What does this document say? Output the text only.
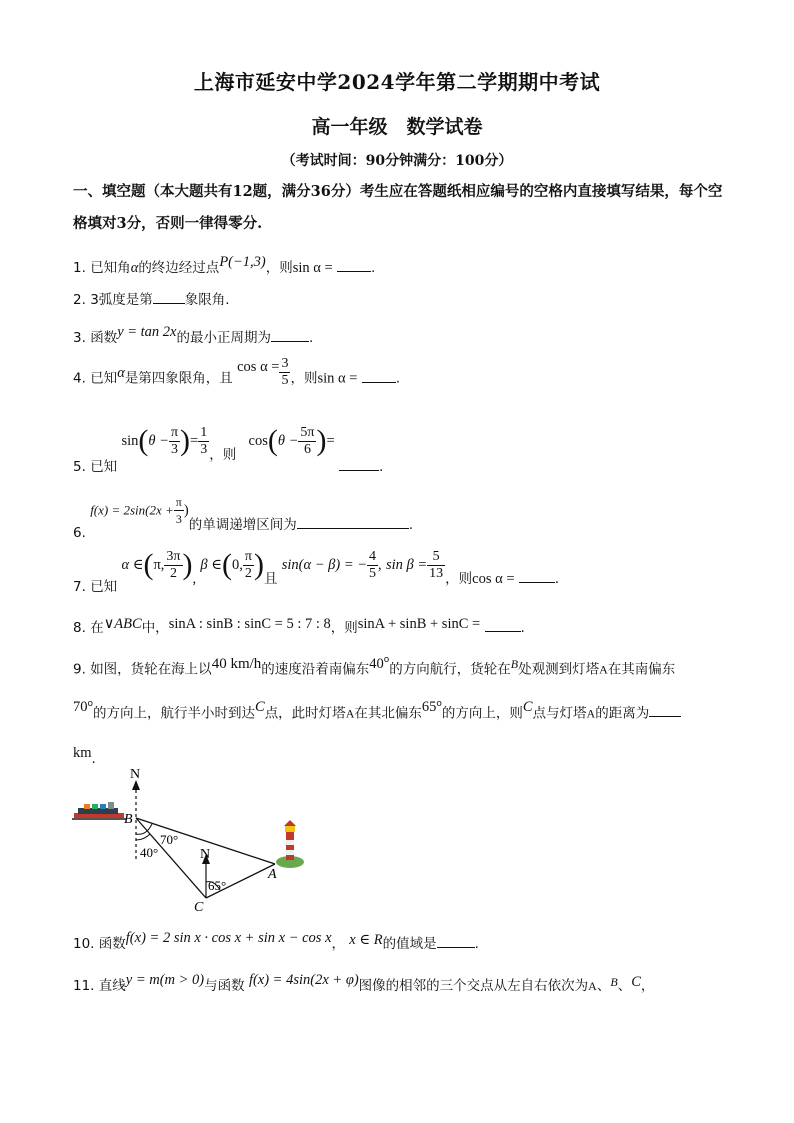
上海市延安中学2024学年第二学期期中考试
高一年级　数学试卷
（考试时间：90分钟满分：100分）
一、填空题（本大题共有12题，满分36分）考生应在答题纸相应编号的空格内直接填写结果，每个空格填对3分，否则一律得零分.
1. 已知角α的终边经过点P(−1,3)，则sin α =	.
2. 3弧度是第 象限角.
3. 函数y = tan 2x的最小正周期为	.
4. 已知α是第四象限角，且 $\cos \alpha = \frac{3}{5}$ ，则sin α =	.
5. 已知 $\sin(\theta - \frac{\pi}{3}$ )= $\frac{1}{3}$ ，则 $\cos(\theta - \frac{5\pi}{6}$ )= .
6. $f(x) = 2\sin(2x + \frac{\pi}{3}$ )的单调递增区间为	.
7. 已知 α ∈(π, $\frac{3\pi}{2}$ ), β ∈(0, $\frac{\pi}{2}$ )且 sin(α − β) = − $\frac{4}{5}$ , $\sin \beta = \frac{5}{13}$ ，则cos α =	.
8. 在∨ABC中，sinA : sinB : sinC = 5 : 7 : 8，则sinA + sinB + sinC =	.
9. 如图，货轮在海上以40 km/h的速度沿着南偏东40$^o$的方向航行，货轮在B处观测到灯塔A在其南偏东
70$^o$的方向上，航行半小时到达C点，此时灯塔A在其北偏东65$^o$的方向上，则C点与灯塔A的距离为
km.
N
N
B
A
C
70°
40°
65°
10. 函数f(x) = 2 sin x · cos x + sin x − cos x， x ∈ R的值域是	.
11. 直线y = m(m > 0)与函数 f(x) = 4sin(2x + φ)图像的相邻的三个交点从左自右依次为A、B、C，
